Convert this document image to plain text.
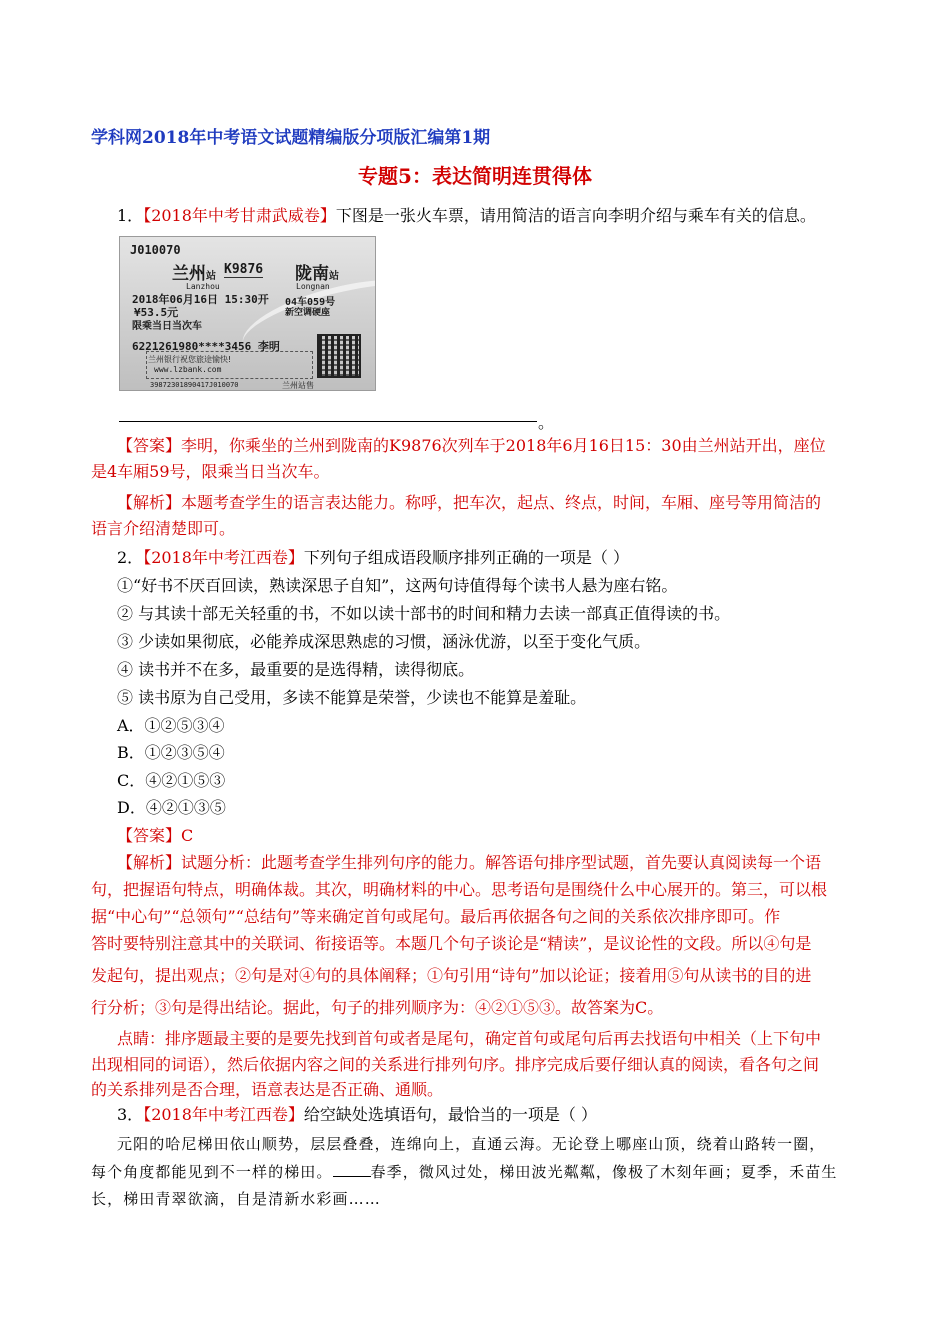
学科网2018年中考语文试题精编版分项版汇编第1期
专题5：表达简明连贯得体
1．【2018年中考甘肃武威卷】下图是一张火车票，请用简洁的语言向李明介绍与乘车有关的信息。
J010070
兰州站 K9876 陇南站
Lanzhou	Longnan
2018年06月16日 15:30开 04车059号
¥53.5元	新空调硬座
限乘当日当次车
6221261980****3456 李明
兰州银行祝您旅途愉快!
www.lzbank.com
39872301890417J010070	兰州站售
。
【答案】李明，你乘坐的兰州到陇南的K9876次列车于2018年6月16日15：30由兰州站开出，座位
是4车厢59号，限乘当日当次车。
【解析】本题考查学生的语言表达能力。称呼，把车次，起点、终点，时间，车厢、座号等用简洁的
语言介绍清楚即可。
2．【2018年中考江西卷】下列句子组成语段顺序排列正确的一项是（ ）
①“好书不厌百回读，熟读深思子自知”，这两句诗值得每个读书人悬为座右铭。
② 与其读十部无关轻重的书，不如以读十部书的时间和精力去读一部真正值得读的书。
③ 少读如果彻底，必能养成深思熟虑的习惯，涵泳优游，以至于变化气质。
④ 读书并不在多，最重要的是选得精，读得彻底。
⑤ 读书原为自己受用，多读不能算是荣誉，少读也不能算是羞耻。
A．①②⑤③④
B．①②③⑤④
C．④②①⑤③
D．④②①③⑤
【答案】C
【解析】试题分析：此题考查学生排列句序的能力。解答语句排序型试题，首先要认真阅读每一个语
句，把握语句特点，明确体裁。其次，明确材料的中心。思考语句是围绕什么中心展开的。第三，可以根
据“中心句”“总领句”“总结句”等来确定首句或尾句。最后再依据各句之间的关系依次排序即可。作
答时要特别注意其中的关联词、衔接语等。本题几个句子谈论是“精读”，是议论性的文段。所以④句是
发起句，提出观点；②句是对④句的具体阐释；①句引用“诗句”加以论证；接着用⑤句从读书的目的进
行分析；③句是得出结论。据此，句子的排列顺序为：④②①⑤③。故答案为C。
点睛：排序题最主要的是要先找到首句或者是尾句，确定首句或尾句后再去找语句中相关（上下句中
出现相同的词语），然后依据内容之间的关系进行排列句序。排序完成后要仔细认真的阅读，看各句之间
的关系排列是否合理，语意表达是否正确、通顺。
3．【2018年中考江西卷】给空缺处选填语句，最恰当的一项是（ ）
元阳的哈尼梯田依山顺势，层层叠叠，连绵向上，直通云海。无论登上哪座山顶，绕着山路转一圈，
每个角度都能见到不一样的梯田。	春季，微风过处，梯田波光粼粼，像极了木刻年画；夏季，禾苗生
长，梯田青翠欲滴，自是清新水彩画……
